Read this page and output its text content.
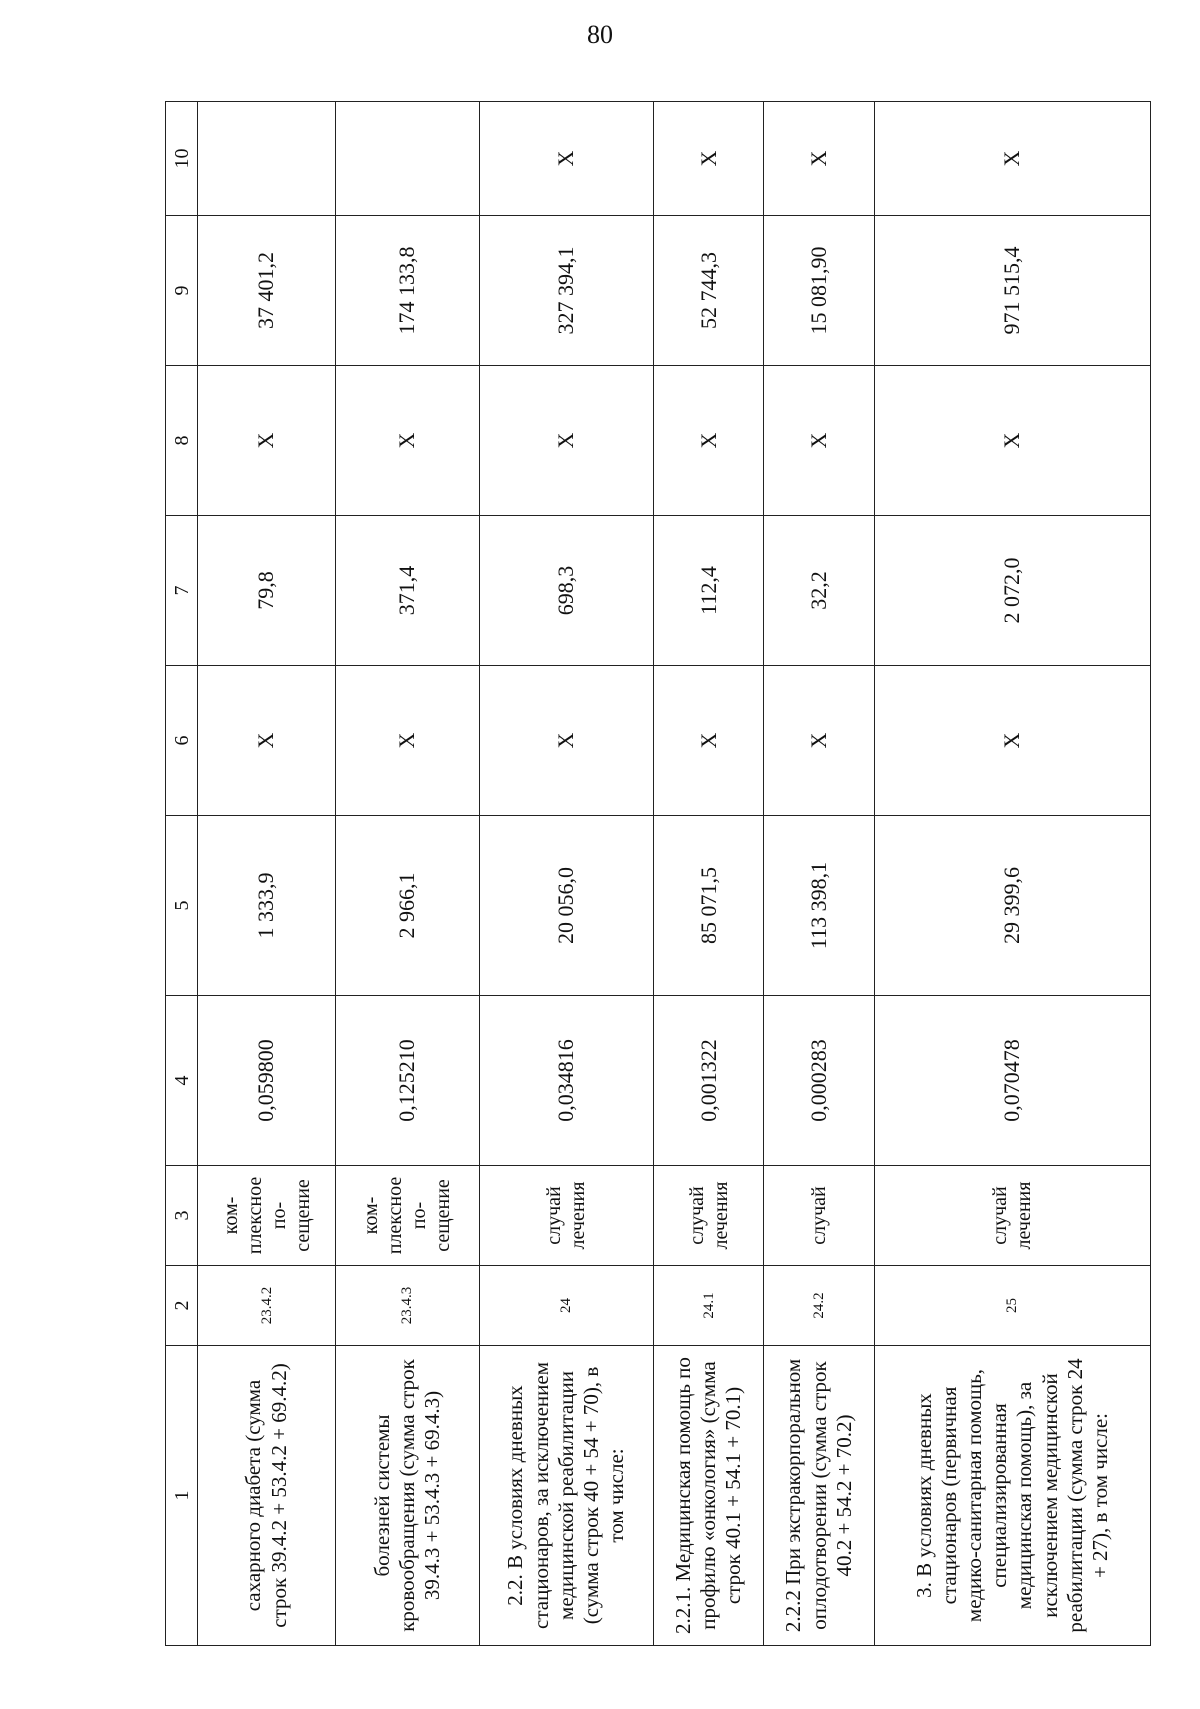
80
1	2	3	4	5	6	7	8	9	10
сахарного диабета (сумма строк 39.4.2 + 53.4.2 + 69.4.2)	23.4.2	ком-плексное по-сещение	0,059800	1 333,9	X	79,8	X	37 401,2	
болезней системы кровообращения (сумма строк 39.4.3 + 53.4.3 + 69.4.3)	23.4.3	ком-плексное по-сещение	0,125210	2 966,1	X	371,4	X	174 133,8	
2.2. В условиях дневных стационаров, за исключением медицинской реабилитации (сумма строк 40 + 54 + 70), в том числе:	24	случай лечения	0,034816	20 056,0	X	698,3	X	327 394,1	X
2.2.1. Медицинская помощь по профилю «онкология» (сумма строк 40.1 + 54.1 + 70.1)	24.1	случай лечения	0,001322	85 071,5	X	112,4	X	52 744,3	X
2.2.2 При экстракорпоральном оплодотворении (сумма строк 40.2 + 54.2 + 70.2)	24.2	случай	0,000283	113 398,1	X	32,2	X	15 081,90	X
3. В условиях дневных стационаров (первичная медико-санитарная помощь, специализированная медицинская помощь), за исключением медицинской реабилитации (сумма строк 24 + 27), в том числе:	25	случай лечения	0,070478	29 399,6	X	2 072,0	X	971 515,4	X
